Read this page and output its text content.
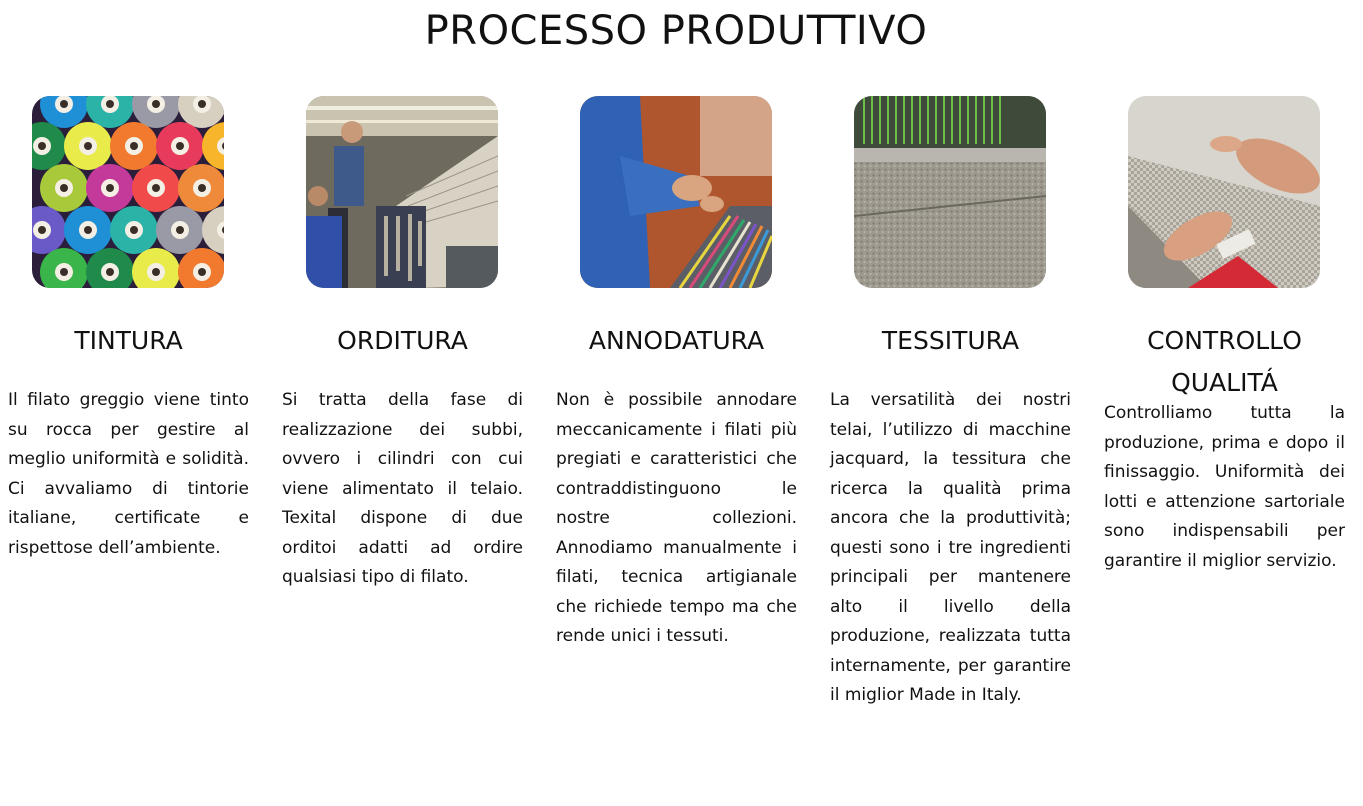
PROCESSO PRODUTTIVO
TINTURA

Il filato greggio viene tinto su rocca per gestire al meglio uniformità e solidità. Ci avvaliamo di tintorie italiane, certificate e rispettose dell’ambiente.

ORDITURA

Si tratta della fase di realizzazione dei subbi, ovvero i cilindri con cui viene alimentato il telaio. Texital dispone di due orditoi adatti ad ordire qualsiasi tipo di filato.

ANNODATURA

Non è possibile annodare meccanicamente i filati più pregiati e caratteristici che contraddistinguono le nostre collezioni. Annodiamo manualmente i filati, tecnica artigianale che richiede tempo ma che rende unici i tessuti.

TESSITURA

La versatilità dei nostri telai, l’utilizzo di macchine jacquard, la tessitura che ricerca la qualità prima ancora che la produttività; questi sono i tre ingredienti principali per mantenere alto il livello della produzione, realizzata tutta internamente, per garantire il miglior Made in Italy.

CONTROLLO QUALITÁ

Controlliamo tutta la produzione, prima e dopo il finissaggio. Uniformità dei lotti e attenzione sartoriale sono indispensabili per garantire il miglior servizio.
